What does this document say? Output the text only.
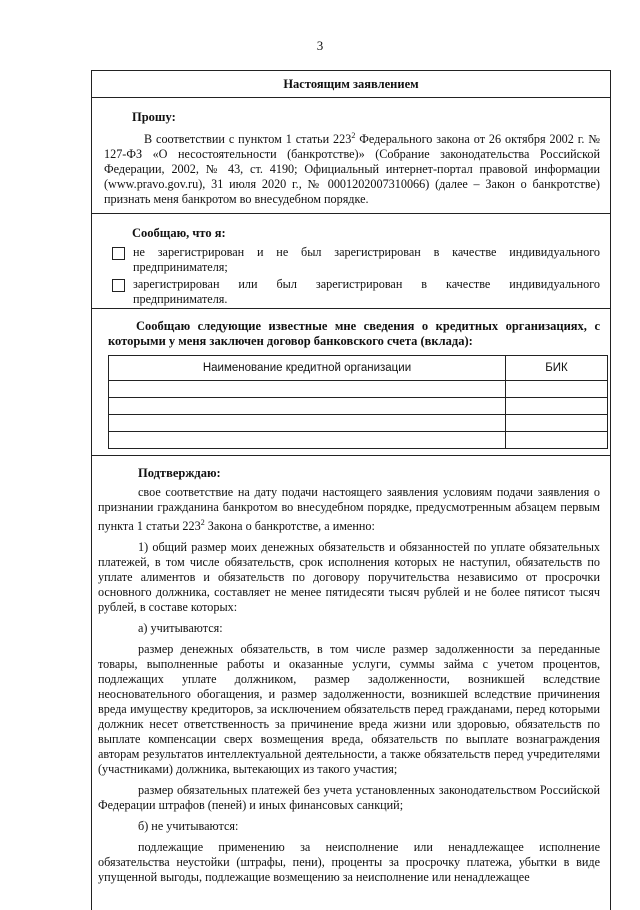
3
Настоящим заявлением

Прошу:

В соответствии с пунктом 1 статьи $223^2$ Федерального закона от 26 октября 2002 г. № 127-ФЗ «О несостоятельности (банкротстве)» (Собрание законодательства Российской Федерации, 2002, № 43, ст. 4190; Официальный интернет-портал правовой информации (www.pravo.gov.ru), 31 июля 2020 г., № 0001202007310066) (далее – Закон о банкротстве) признать меня банкротом во внесудебном порядке.

Сообщаю, что я:

не зарегистрирован и не был зарегистрирован в качестве индивидуального предпринимателя;
зарегистрирован или был зарегистрирован в качестве индивидуального предпринимателя.

Сообщаю следующие известные мне сведения о кредитных организациях, с которыми у меня заключен договор банковского счета (вклада):

Наименование кредитной организации	БИК

Подтверждаю:

свое соответствие на дату подачи настоящего заявления условиям подачи заявления о признании гражданина банкротом во внесудебном порядке, предусмотренным абзацем первым пункта 1 статьи $223^2$ Закона о банкротстве, а именно:

1) общий размер моих денежных обязательств и обязанностей по уплате обязательных платежей, в том числе обязательств, срок исполнения которых не наступил, обязательств по уплате алиментов и обязательств по договору поручительства независимо от просрочки основного должника, составляет не менее пятидесяти тысяч рублей и не более пятисот тысяч рублей, в составе которых:

а) учитываются:

размер денежных обязательств, в том числе размер задолженности за переданные товары, выполненные работы и оказанные услуги, суммы займа с учетом процентов, подлежащих уплате должником, размер задолженности, возникшей вследствие неосновательного обогащения, и размер задолженности, возникшей вследствие причинения вреда имуществу кредиторов, за исключением обязательств перед гражданами, перед которыми должник несет ответственность за причинение вреда жизни или здоровью, обязательств по выплате компенсации сверх возмещения вреда, обязательств по выплате вознаграждения авторам результатов интеллектуальной деятельности, а также обязательств перед учредителями (участниками) должника, вытекающих из такого участия;

размер обязательных платежей без учета установленных законодательством Российской Федерации штрафов (пеней) и иных финансовых санкций;

б) не учитываются:

подлежащие применению за неисполнение или ненадлежащее исполнение обязательства неустойки (штрафы, пени), проценты за просрочку платежа, убытки в виде упущенной выгоды, подлежащие возмещению за неисполнение или ненадлежащее
